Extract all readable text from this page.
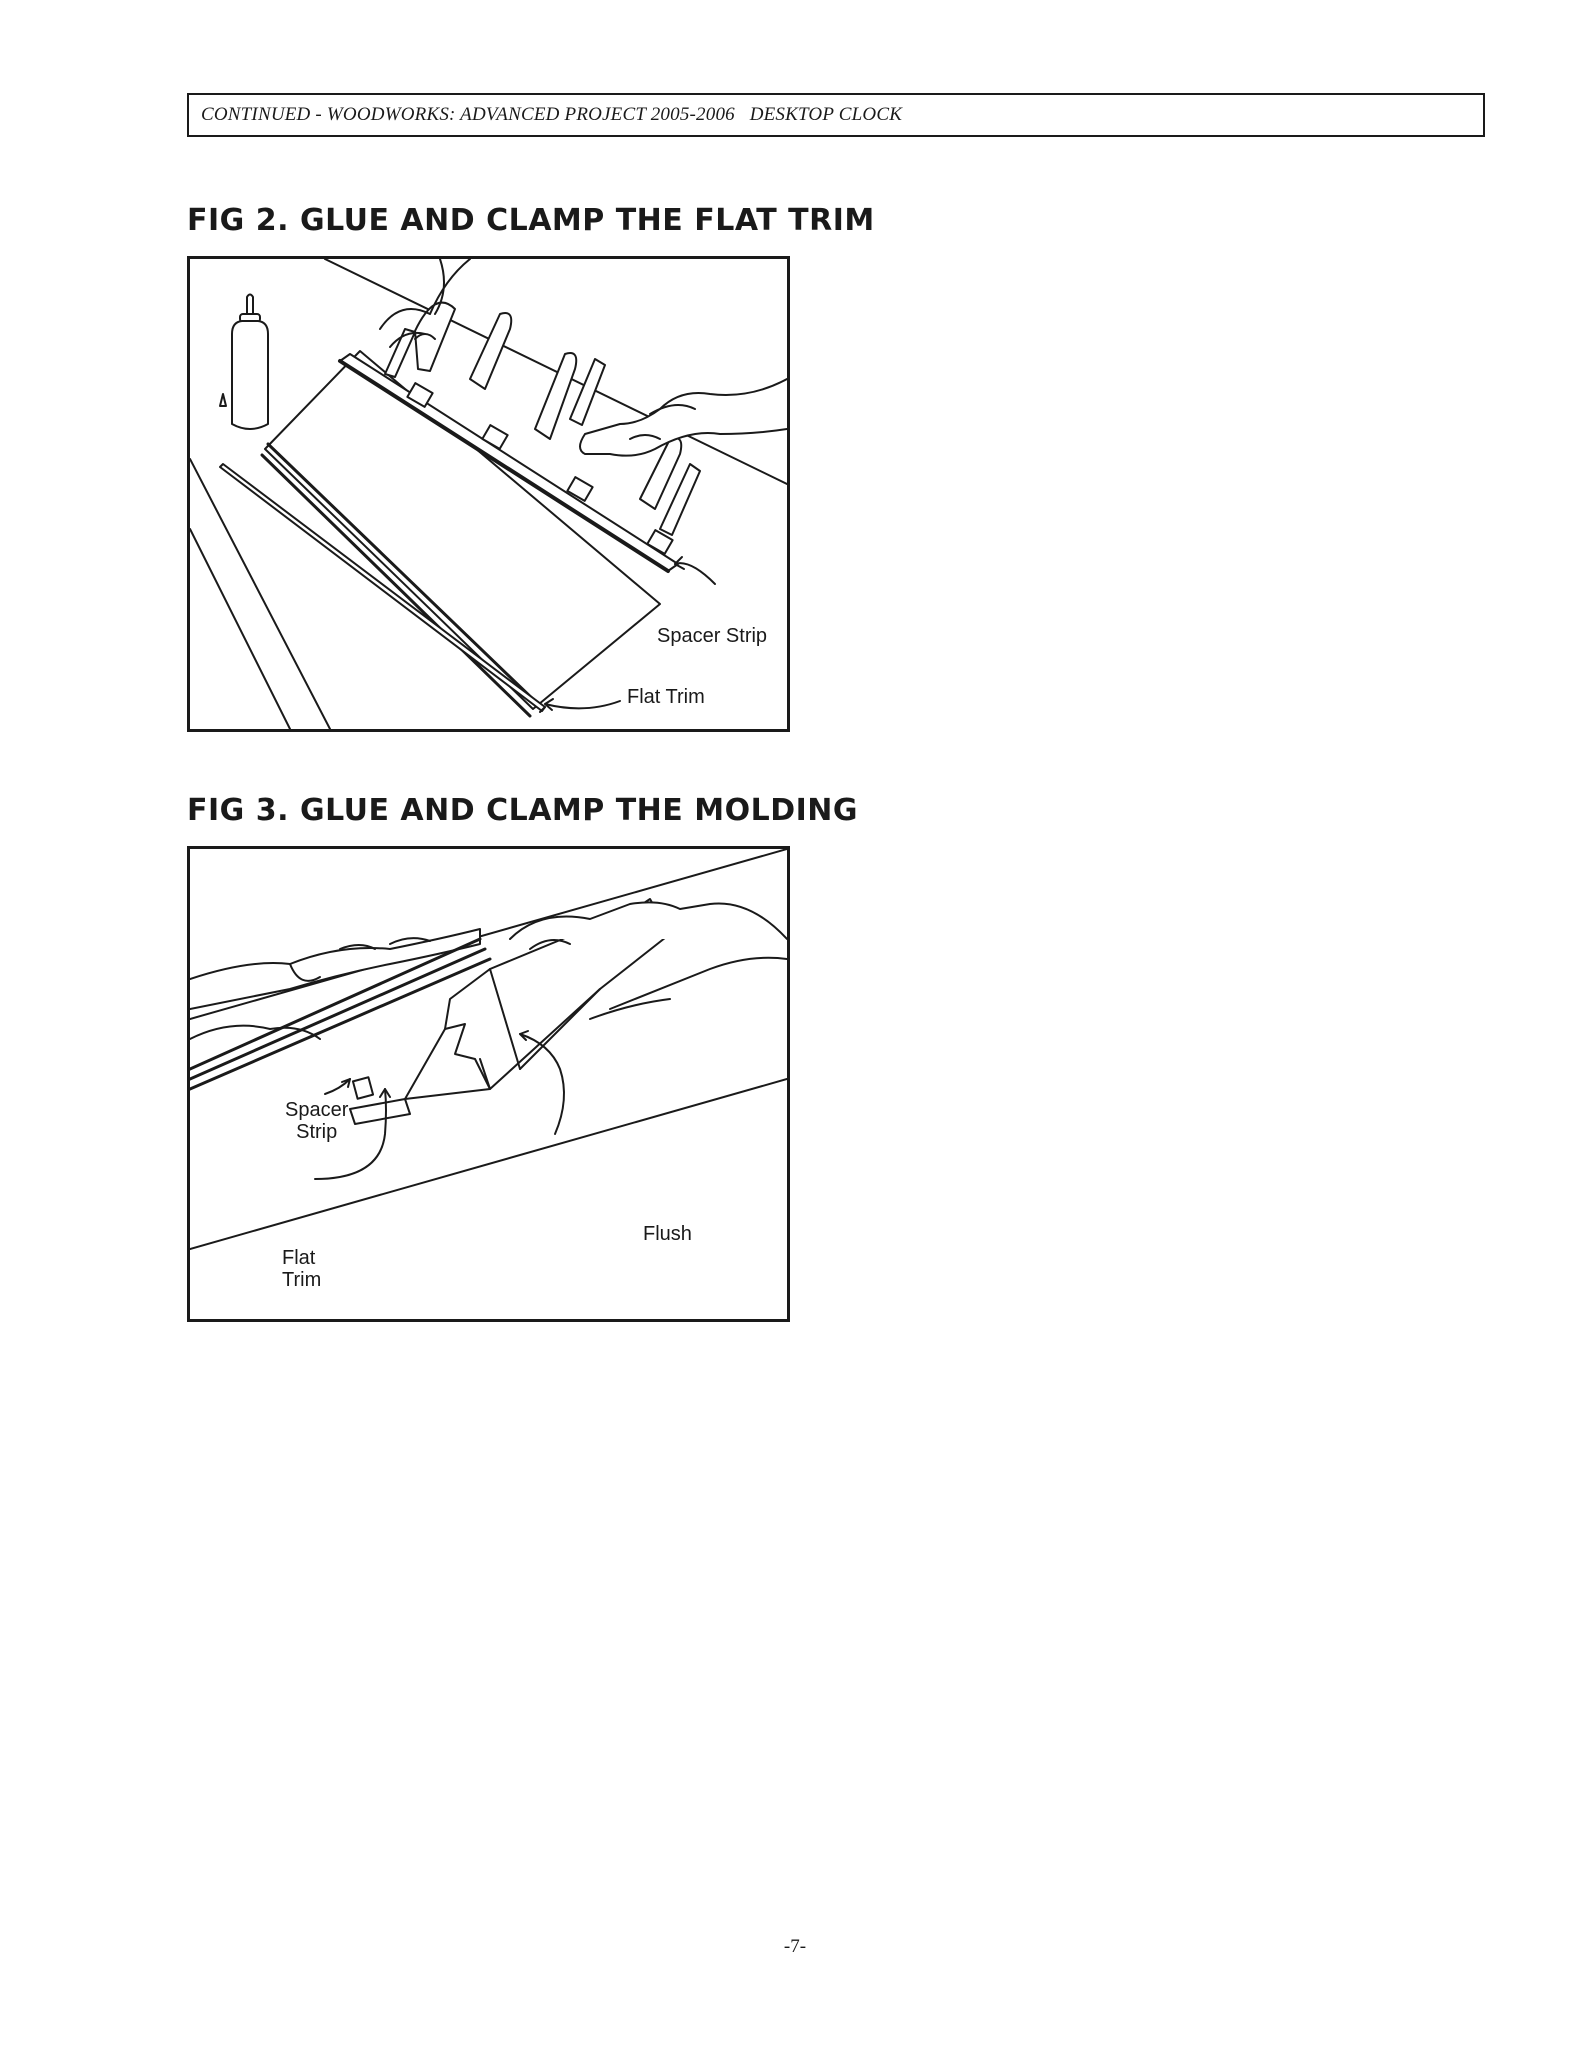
CONTINUED - WOODWORKS: ADVANCED PROJECT 2005-2006   DESKTOP CLOCK
FIG 2. GLUE AND CLAMP THE FLAT TRIM
Spacer Strip
Flat Trim
FIG 3. GLUE AND CLAMP THE MOLDING
Spacer
Strip
Flat
Trim
Flush
-7-
